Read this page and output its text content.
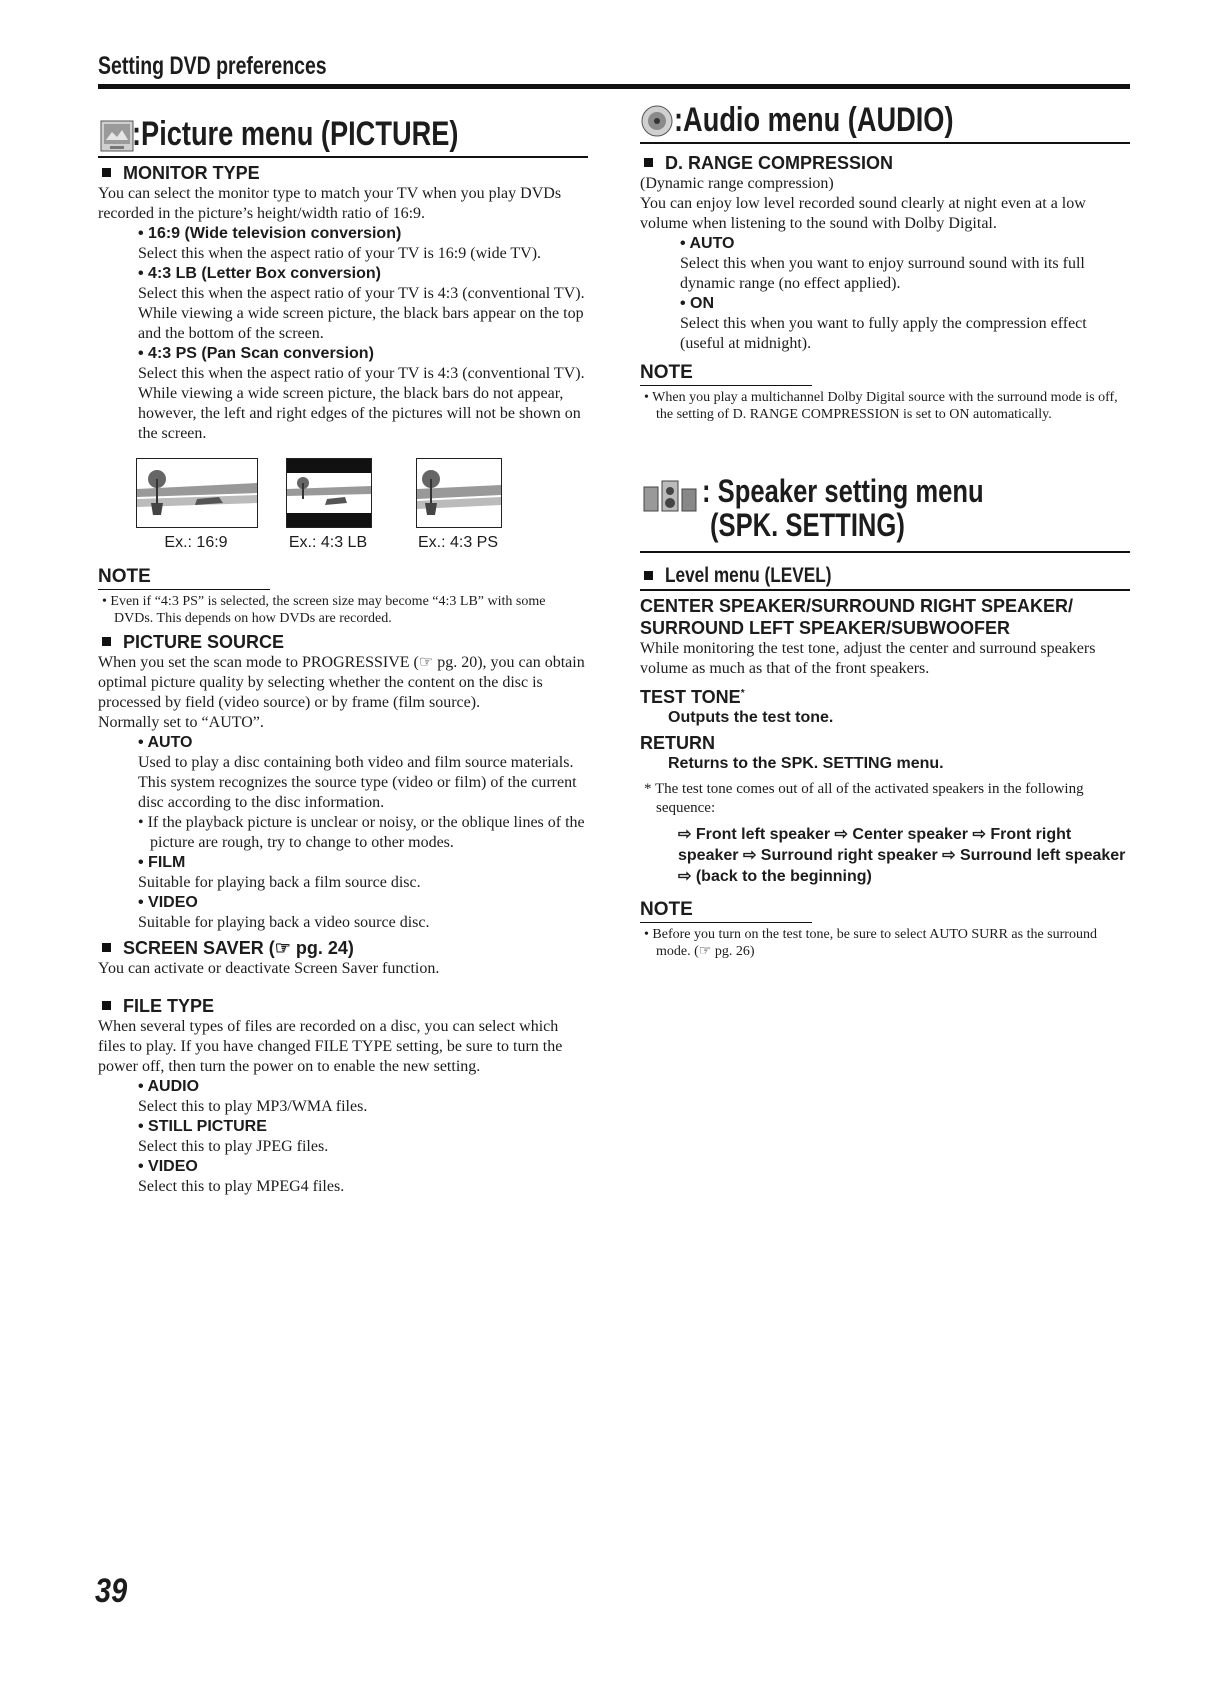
Setting DVD preferences
:Picture menu (PICTURE)
MONITOR TYPE
You can select the monitor type to match your TV when you play DVDs recorded in the picture’s height/width ratio of 16:9.
• 16:9 (Wide television conversion)
Select this when the aspect ratio of your TV is 16:9 (wide TV).
• 4:3 LB (Letter Box conversion)
Select this when the aspect ratio of your TV is 4:3 (conventional TV). While viewing a wide screen picture, the black bars appear on the top and the bottom of the screen.
• 4:3 PS (Pan Scan conversion)
Select this when the aspect ratio of your TV is 4:3 (conventional TV). While viewing a wide screen picture, the black bars do not appear, however, the left and right edges of the pictures will not be shown on the screen.
Ex.: 16:9	Ex.: 4:3 LB	Ex.: 4:3 PS
NOTE
• Even if “4:3 PS” is selected, the screen size may become “4:3 LB” with some DVDs. This depends on how DVDs are recorded.
PICTURE SOURCE
When you set the scan mode to PROGRESSIVE (☞ pg. 20), you can obtain optimal picture quality by selecting whether the content on the disc is processed by field (video source) or by frame (film source).
Normally set to “AUTO”.
• AUTO
Used to play a disc containing both video and film source materials.
This system recognizes the source type (video or film) of the current disc according to the disc information.
• If the playback picture is unclear or noisy, or the oblique lines of the picture are rough, try to change to other modes.
• FILM
Suitable for playing back a film source disc.
• VIDEO
Suitable for playing back a video source disc.
SCREEN SAVER (☞ pg. 24)
You can activate or deactivate Screen Saver function.
FILE TYPE
When several types of files are recorded on a disc, you can select which files to play. If you have changed FILE TYPE setting, be sure to turn the power off, then turn the power on to enable the new setting.
• AUDIO
Select this to play MP3/WMA files.
• STILL PICTURE
Select this to play JPEG files.
• VIDEO
Select this to play MPEG4 files.
:Audio menu (AUDIO)
D. RANGE COMPRESSION
(Dynamic range compression)
You can enjoy low level recorded sound clearly at night even at a low volume when listening to the sound with Dolby Digital.
• AUTO
Select this when you want to enjoy surround sound with its full dynamic range (no effect applied).
• ON
Select this when you want to fully apply the compression effect (useful at midnight).
NOTE
• When you play a multichannel Dolby Digital source with the surround mode is off, the setting of D. RANGE COMPRESSION is set to ON automatically.
: Speaker setting menu
(SPK. SETTING)
Level menu (LEVEL)
CENTER SPEAKER/SURROUND RIGHT SPEAKER/ SURROUND LEFT SPEAKER/SUBWOOFER
While monitoring the test tone, adjust the center and surround speakers volume as much as that of the front speakers.
TEST TONE*
Outputs the test tone.
RETURN
Returns to the SPK. SETTING menu.
* The test tone comes out of all of the activated speakers in the following sequence:
⇨ Front left speaker ⇨ Center speaker ⇨ Front right speaker ⇨ Surround right speaker ⇨ Surround left speaker ⇨ (back to the beginning)
NOTE
• Before you turn on the test tone, be sure to select AUTO SURR as the surround mode. (☞ pg. 26)
39
